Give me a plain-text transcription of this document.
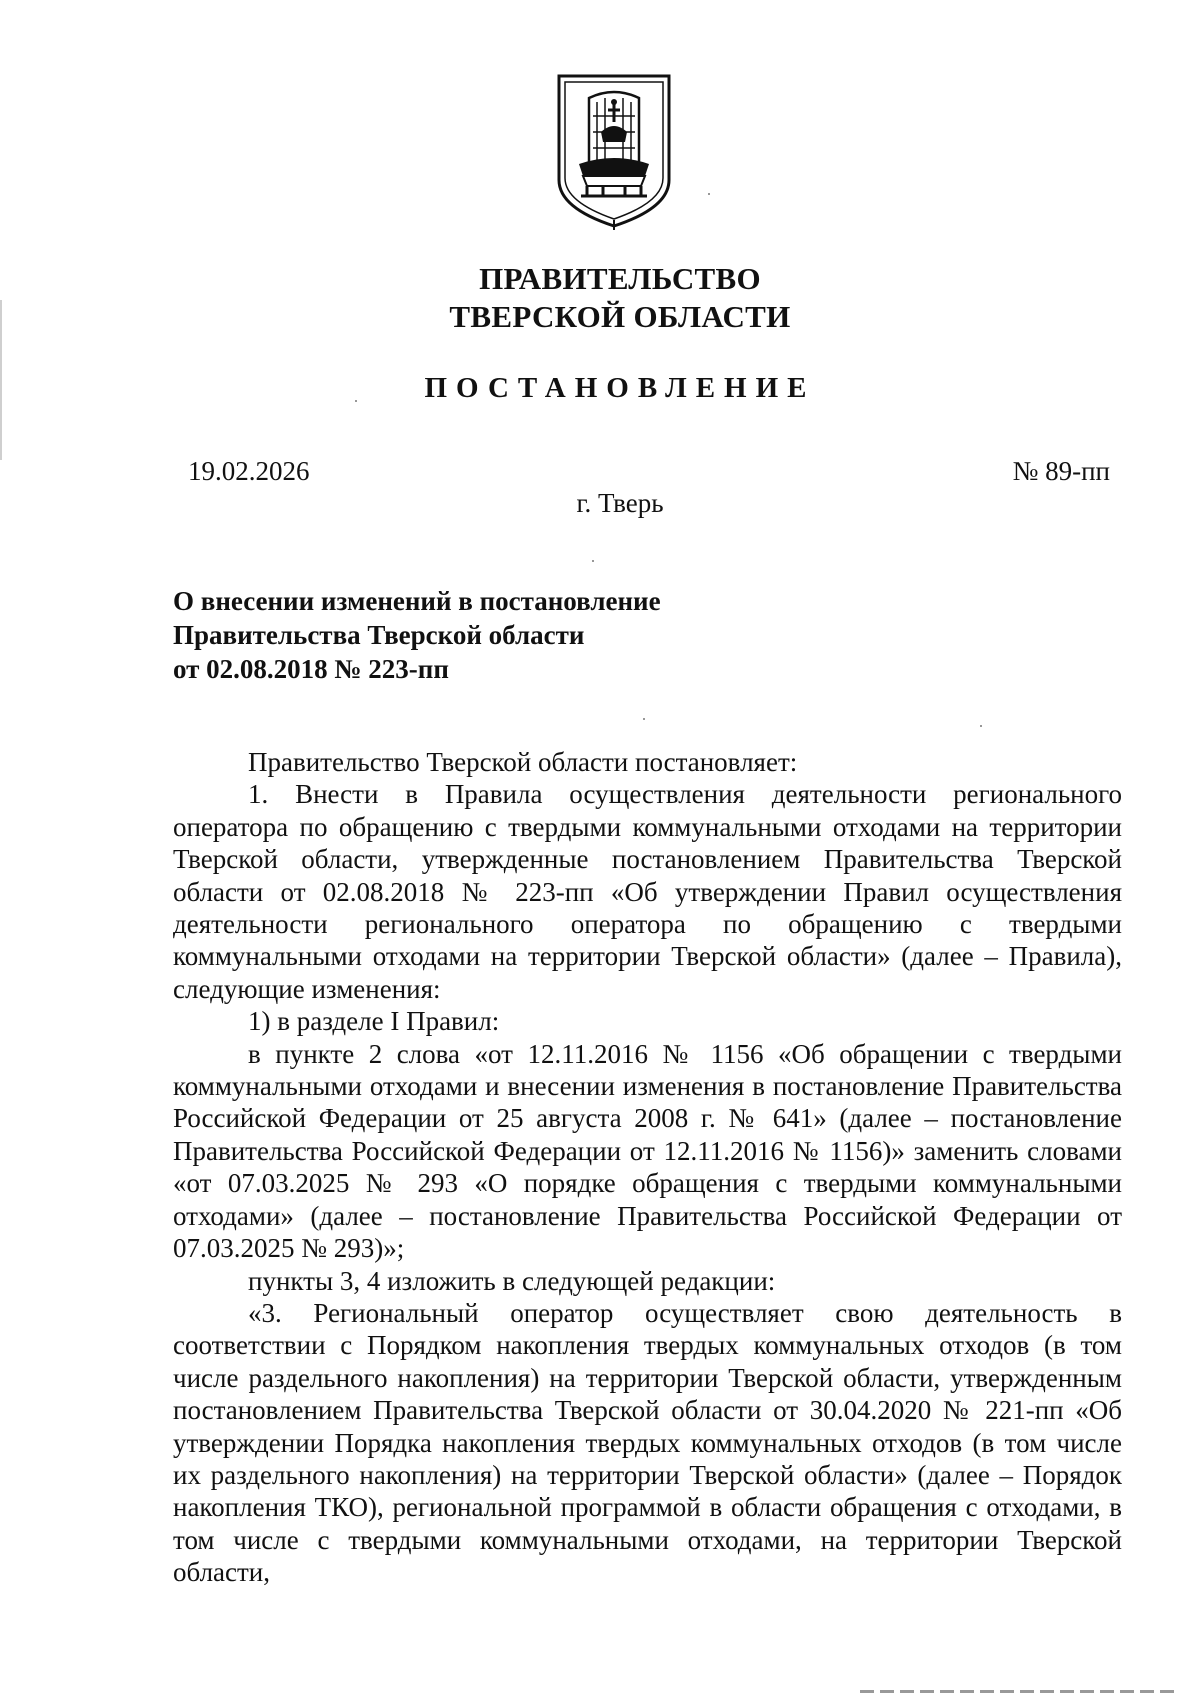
ПРАВИТЕЛЬСТВО
ТВЕРСКОЙ ОБЛАСТИ
ПОСТАНОВЛЕНИЕ
19.02.2026	№ 89-пп
г. Тверь
О внесении изменений в постановление
Правительства Тверской области
от 02.08.2018 № 223-пп

Правительство Тверской области постановляет:

1. Внести в Правила осуществления деятельности регионального оператора по обращению с твердыми коммунальными отходами на территории Тверской области, утвержденные постановлением Правительства Тверской области от 02.08.2018 № 223-пп «Об утверждении Правил осуществления деятельности регионального оператора по обращению с твердыми коммунальными отходами на территории Тверской области» (далее – Правила), следующие изменения:

1) в разделе I Правил:

в пункте 2 слова «от 12.11.2016 № 1156 «Об обращении с твердыми коммунальными отходами и внесении изменения в постановление Правительства Российской Федерации от 25 августа 2008 г. № 641» (далее – постановление Правительства Российской Федерации от 12.11.2016 № 1156)» заменить словами «от 07.03.2025 № 293 «О порядке обращения с твердыми коммунальными отходами» (далее – постановление Правительства Российской Федерации от 07.03.2025 № 293)»;

пункты 3, 4 изложить в следующей редакции:

«3. Региональный оператор осуществляет свою деятельность в соответствии с Порядком накопления твердых коммунальных отходов (в том числе раздельного накопления) на территории Тверской области, утвержденным постановлением Правительства Тверской области от 30.04.2020 № 221-пп «Об утверждении Порядка накопления твердых коммунальных отходов (в том числе их раздельного накопления) на территории Тверской области» (далее – Порядок накопления ТКО), региональной программой в области обращения с отходами, в том числе с твердыми коммунальными отходами, на территории Тверской области,
